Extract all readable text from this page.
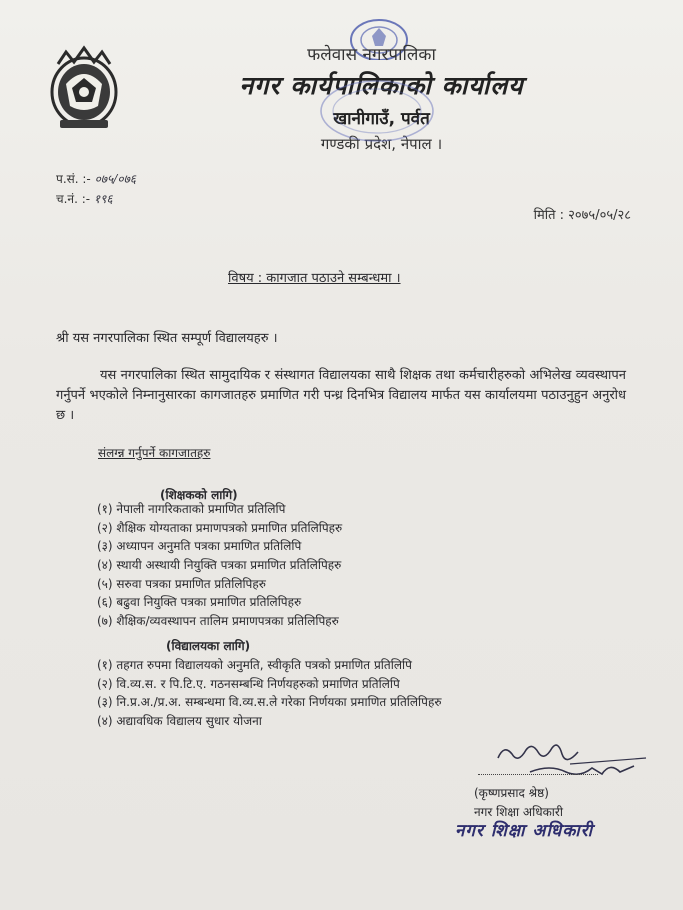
फलेवास नगरपालिका
नगर कार्यपालिकाको कार्यालय
खानीगाउँ, पर्वत
गण्डकी प्रदेश, नेपाल ।
प.सं. :- ०७५/०७६
च.नं. :- १९६
मिति : २०७५/०५/२८
विषय : कागजात पठाउने सम्बन्धमा ।
श्री यस नगरपालिका स्थित सम्पूर्ण विद्यालयहरु ।
यस नगरपालिका स्थित सामुदायिक र संस्थागत विद्यालयका साथै शिक्षक तथा कर्मचारीहरुको अभिलेख व्यवस्थापन गर्नुपर्ने भएकोले निम्नानुसारका कागजातहरु प्रमाणित गरी पन्ध्र दिनभित्र विद्यालय मार्फत यस कार्यालयमा पठाउनुहुन अनुरोध छ ।
संलग्न्न गर्नुपर्ने कागजातहरु
(शिक्षकको लागि)
(१) नेपाली नागरिकताको प्रमाणित प्रतिलिपि
(२) शैक्षिक योग्यताका प्रमाणपत्रको प्रमाणित प्रतिलिपिहरु
(३) अध्यापन अनुमति पत्रका प्रमाणित प्रतिलिपि
(४) स्थायी अस्थायी नियुक्ति पत्रका प्रमाणित प्रतिलिपिहरु
(५) सरुवा पत्रका प्रमाणित प्रतिलिपिहरु
(६) बढुवा नियुक्ति पत्रका प्रमाणित प्रतिलिपिहरु
(७) शैक्षिक/व्यवस्थापन तालिम प्रमाणपत्रका प्रतिलिपिहरु
(विद्यालयका लागि)
(१) तहगत रुपमा विद्यालयको अनुमति, स्वीकृति पत्रको प्रमाणित प्रतिलिपि
(२) वि.व्य.स. र पि.टि.ए. गठनसम्बन्धि निर्णयहरुको प्रमाणित प्रतिलिपि
(३) नि.प्र.अ./प्र.अ. सम्बन्धमा वि.व्य.स.ले गरेका निर्णयका प्रमाणित प्रतिलिपिहरु
(४) अद्यावधिक विद्यालय सुधार योजना
(कृष्णप्रसाद श्रेष्ठ)
नगर शिक्षा अधिकारी
नगर शिक्षा अधिकारी
